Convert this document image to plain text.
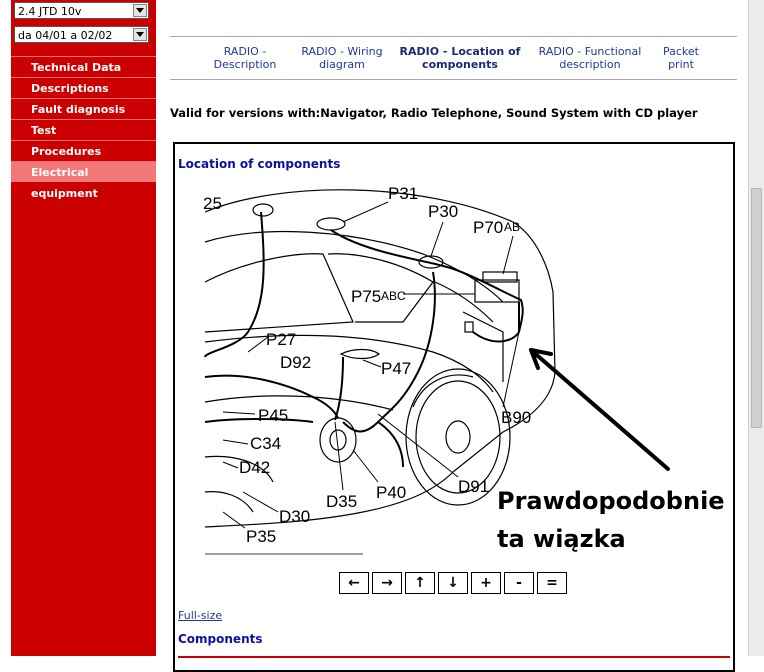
2.4 JTD 10v
da 04/01 a 02/02
Technical Data
Descriptions
Fault diagnosis
Test
Procedures
Electrical equipment
RADIO -
Description
RADIO - Wiring
diagram
RADIO - Location of
components
RADIO - Functional
description
Packet
print
Valid for versions with:Navigator, Radio Telephone, Sound System with CD player
Location of components
P31
P30
P70 AB
P75 ABC
P27
D92	P47
P45
C34
D42
B90
D91
P40
D35
D30
P35
25
Prawdopodobnie
ta wiązka
←	→	↑	↓	+	-	=
Full-size
Components
